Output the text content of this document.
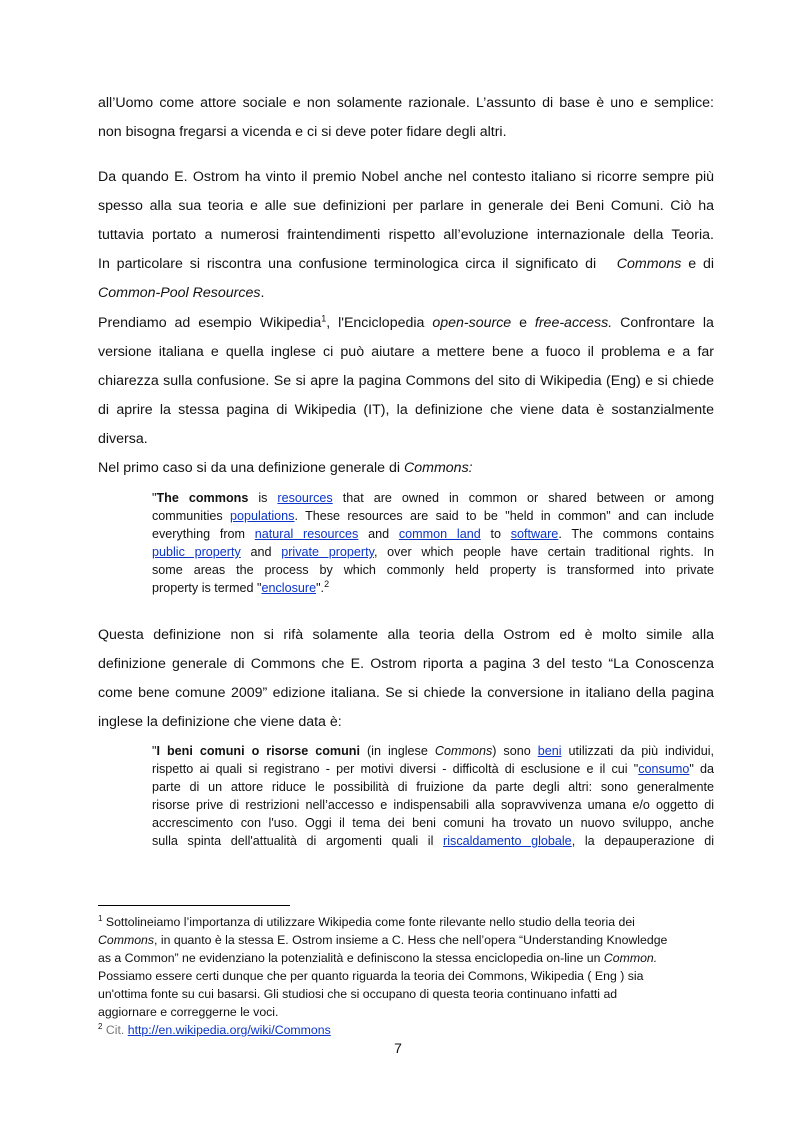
all’Uomo come attore sociale e non solamente razionale. L’assunto di base è uno e semplice:
non bisogna fregarsi a vicenda e ci si deve poter fidare degli altri.
Da quando E. Ostrom ha vinto il premio Nobel anche nel contesto italiano si ricorre sempre più
spesso alla sua teoria e alle sue definizioni per parlare in generale dei Beni Comuni. Ciò ha
tuttavia portato a numerosi fraintendimenti rispetto all’evoluzione internazionale della Teoria.
In particolare si riscontra una confusione terminologica circa il significato di Commons e di
Common-Pool Resources.
Prendiamo ad esempio Wikipedia$^1$, l'Enciclopedia open-source e free-access. Confrontare la
versione italiana e quella inglese ci può aiutare a mettere bene a fuoco il problema e a far
chiarezza sulla confusione. Se si apre la pagina Commons del sito di Wikipedia (Eng) e si chiede
di aprire la stessa pagina di Wikipedia (IT), la definizione che viene data è sostanzialmente
diversa.
Nel primo caso si da una definizione generale di Commons:
"The commons is resources that are owned in common or shared between or among
communities populations. These resources are said to be "held in common" and can include
everything from natural resources and common land to software. The commons contains
public property and private property, over which people have certain traditional rights. In
some areas the process by which commonly held property is transformed into private
property is termed "enclosure".$^2$
Questa definizione non si rifà solamente alla teoria della Ostrom ed è molto simile alla
definizione generale di Commons che E. Ostrom riporta a pagina 3 del testo “La Conoscenza
come bene comune 2009” edizione italiana. Se si chiede la conversione in italiano della pagina
inglese la definizione che viene data è:
"I beni comuni o risorse comuni (in inglese Commons) sono beni utilizzati da più individui,
rispetto ai quali si registrano - per motivi diversi - difficoltà di esclusione e il cui "consumo" da
parte di un attore riduce le possibilità di fruizione da parte degli altri: sono generalmente
risorse prive di restrizioni nell’accesso e indispensabili alla sopravvivenza umana e/o oggetto di
accrescimento con l'uso. Oggi il tema dei beni comuni ha trovato un nuovo sviluppo, anche
sulla spinta dell'attualità di argomenti quali il riscaldamento globale, la depauperazione di
$^1$ Sottolineiamo l’importanza di utilizzare Wikipedia come fonte rilevante nello studio della teoria dei
Commons, in quanto è la stessa E. Ostrom insieme a C. Hess che nell’opera “Understanding Knowledge
as a Common” ne evidenziano la potenzialità e definiscono la stessa enciclopedia on-line un Common.
Possiamo essere certi dunque che per quanto riguarda la teoria dei Commons, Wikipedia ( Eng ) sia
un'ottima fonte su cui basarsi. Gli studiosi che si occupano di questa teoria continuano infatti ad
aggiornare e correggerne le voci.
$^2$ Cit. http://en.wikipedia.org/wiki/Commons
7
